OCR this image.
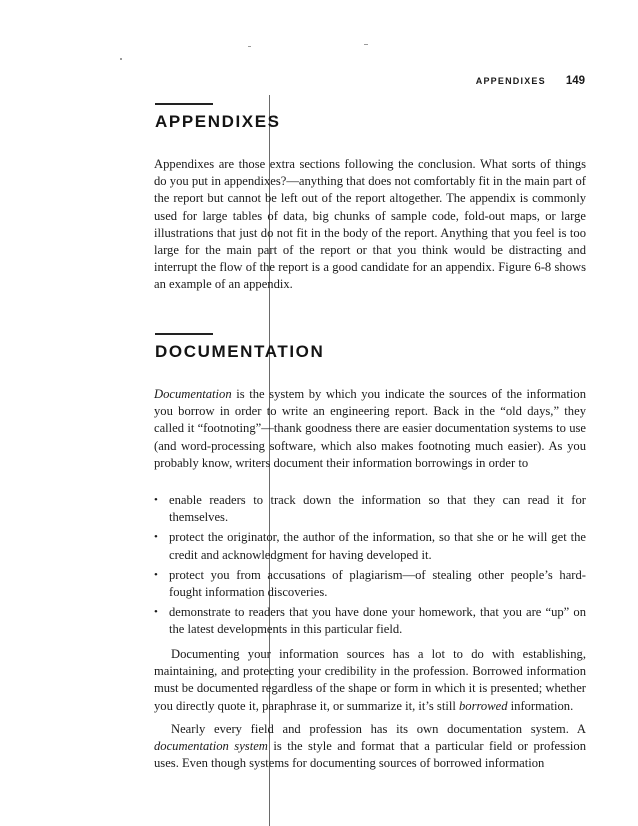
APPENDIXES 149
APPENDIXES

Appendixes are those extra sections following the conclusion. What sorts of things do you put in appendixes?—anything that does not comfortably fit in the main part of the report but cannot be left out of the report altogether. The appendix is commonly used for large tables of data, big chunks of sample code, fold-out maps, or large illustrations that just do not fit in the body of the report. Anything that you feel is too large for the main part of the report or that you think would be distracting and interrupt the flow of the report is a good candidate for an appendix. Figure 6-8 shows an example of an appendix.

DOCUMENTATION

Documentation is the system by which you indicate the sources of the information you borrow in order to write an engineering report. Back in the “old days,” they called it “footnoting”—thank goodness there are easier documentation systems to use (and word-processing software, which also makes footnoting much easier). As you probably know, writers document their information borrowings in order to

• enable readers to track down the information so that they can read it for themselves.
• protect the originator, the author of the information, so that she or he will get the credit and acknowledgment for having developed it.
• protect you from accusations of plagiarism—of stealing other people’s hard-fought information discoveries.
• demonstrate to readers that you have done your homework, that you are “up” on the latest developments in this particular field.

Documenting your information sources has a lot to do with establishing, maintaining, and protecting your credibility in the profession. Borrowed information must be documented regardless of the shape or form in which it is presented; whether you directly quote it, paraphrase it, or summarize it, it’s still borrowed information.

Nearly every field and profession has its own documentation system. A documentation system is the style and format that a particular field or profession uses. Even though systems for documenting sources of borrowed information
